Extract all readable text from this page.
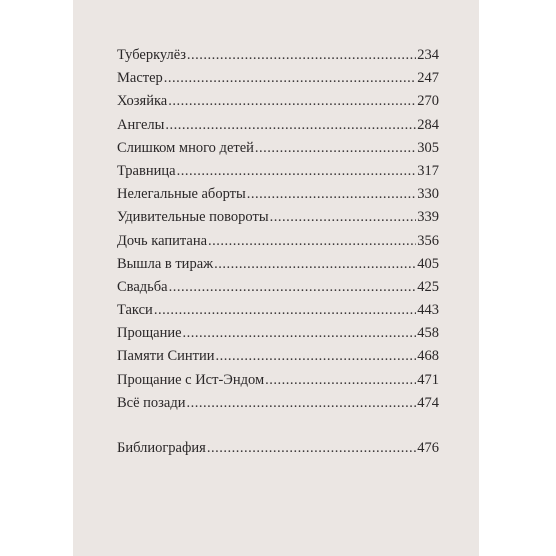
Туберкулёз .....	234
Мастер .....	247
Хозяйка .....	270
Ангелы .....	284
Слишком много детей .....	305
Травница .....	317
Нелегальные аборты .....	330
Удивительные повороты .....	339
Дочь капитана .....	356
Вышла в тираж .....	405
Свадьба .....	425
Такси .....	443
Прощание .....	458
Памяти Синтии .....	468
Прощание с Ист-Эндом .....	471
Всё позади .....	474
Библиография .....	476
